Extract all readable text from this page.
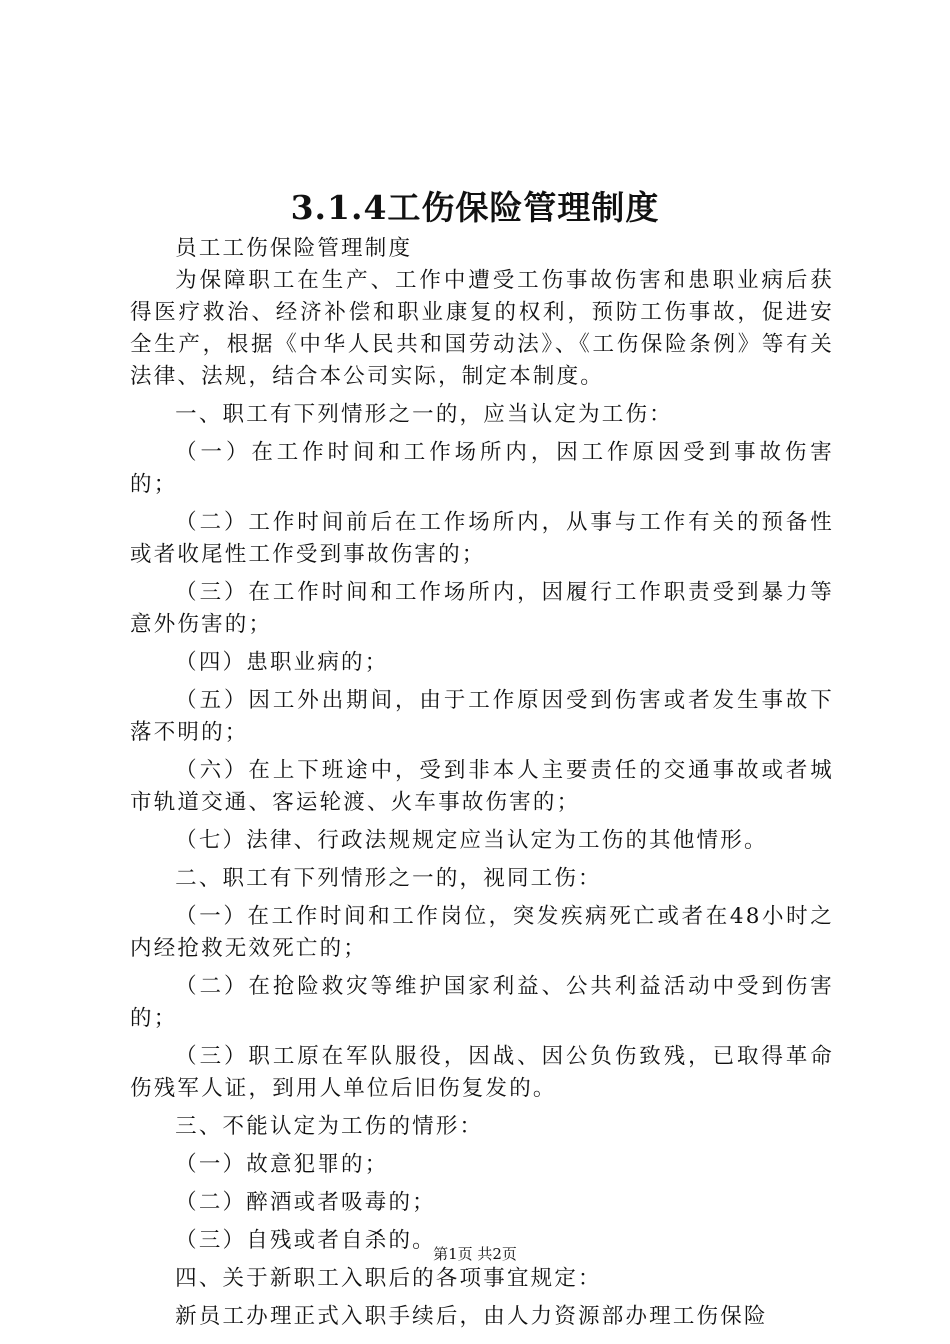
3.1.4工伤保险管理制度

员工工伤保险管理制度

为保障职工在生产、工作中遭受工伤事故伤害和患职业病后获得医疗救治、经济补偿和职业康复的权利，预防工伤事故，促进安全生产，根据《中华人民共和国劳动法》、《工伤保险条例》等有关法律、法规，结合本公司实际，制定本制度。

一、职工有下列情形之一的，应当认定为工伤：

（一）在工作时间和工作场所内，因工作原因受到事故伤害的；

（二）工作时间前后在工作场所内，从事与工作有关的预备性或者收尾性工作受到事故伤害的；

（三）在工作时间和工作场所内，因履行工作职责受到暴力等意外伤害的；

（四）患职业病的；

（五）因工外出期间，由于工作原因受到伤害或者发生事故下落不明的；

（六）在上下班途中，受到非本人主要责任的交通事故或者城市轨道交通、客运轮渡、火车事故伤害的；

（七）法律、行政法规规定应当认定为工伤的其他情形。

二、职工有下列情形之一的，视同工伤：

（一）在工作时间和工作岗位，突发疾病死亡或者在48小时之内经抢救无效死亡的；

（二）在抢险救灾等维护国家利益、公共利益活动中受到伤害的；

（三）职工原在军队服役，因战、因公负伤致残，已取得革命伤残军人证，到用人单位后旧伤复发的。

三、不能认定为工伤的情形：

（一）故意犯罪的；

（二）醉酒或者吸毒的；

（三）自残或者自杀的。

四、关于新职工入职后的各项事宜规定：

新员工办理正式入职手续后，由人力资源部办理工伤保险

第1页 共2页
